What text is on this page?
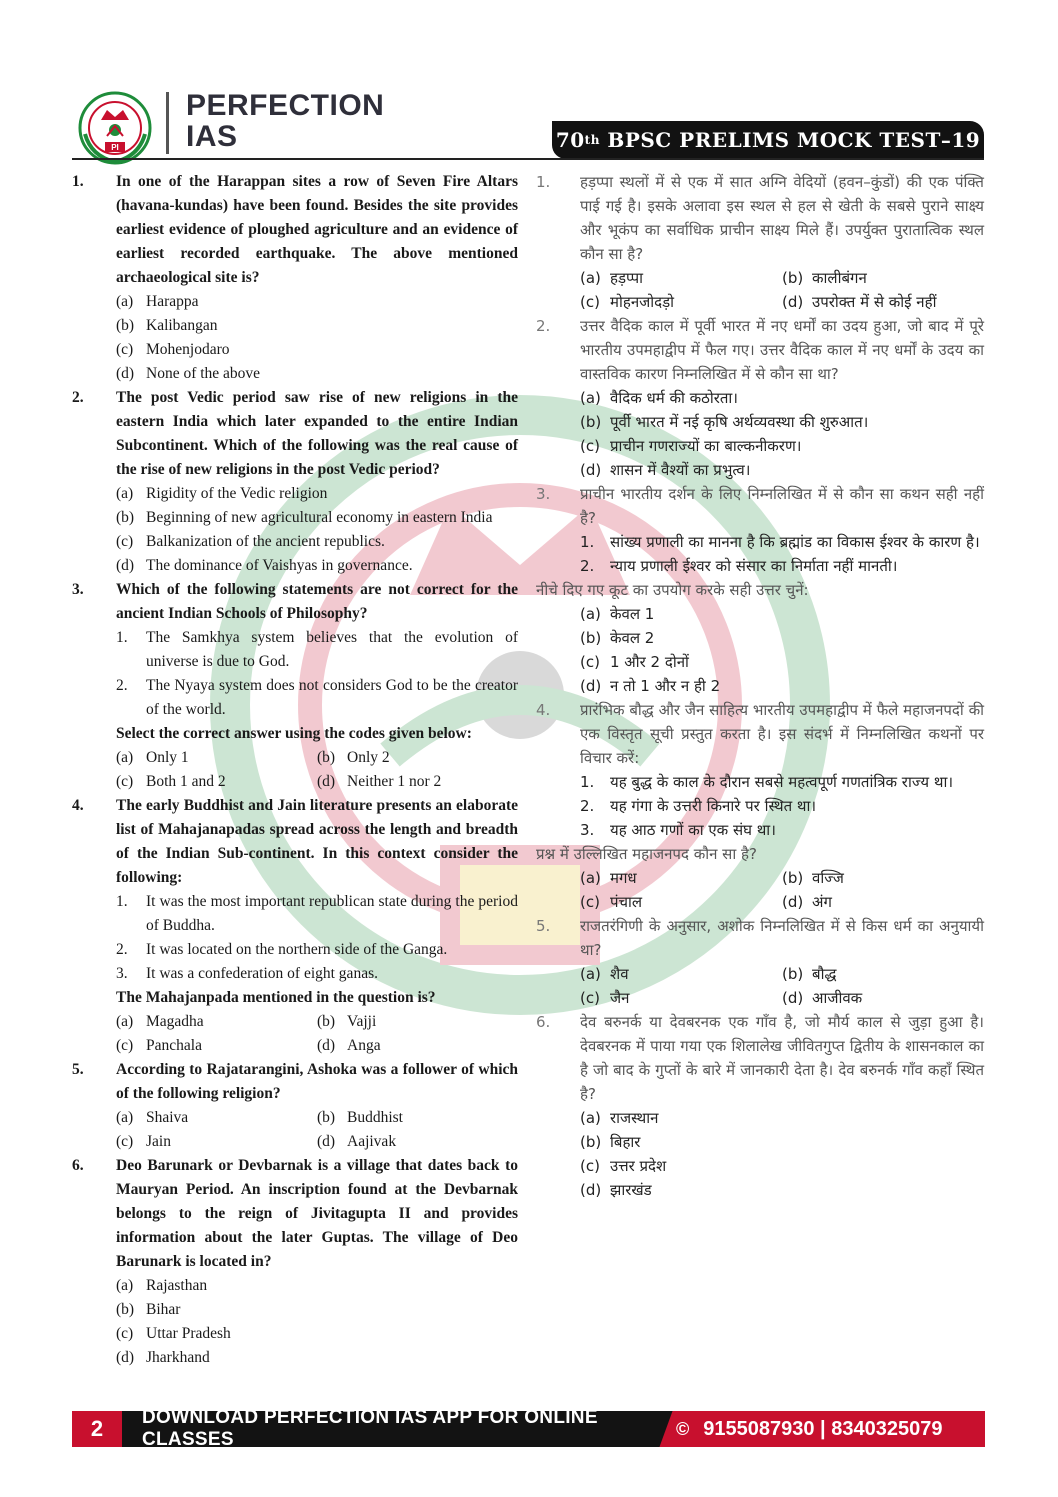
PI
PERFECTION
IAS	70 th BPSC PRELIMS MOCK TEST–19
1.	In one of the Harappan sites a row of Seven Fire Altars (havana-kundas) have been found. Besides the site provides earliest evidence of ploughed agriculture and an evidence of earliest recorded earthquake. The above mentioned archaeological site is?
(a) Harappa
(b) Kalibangan
(c) Mohenjodaro
(d) None of the above
2.	The post Vedic period saw rise of new religions in the eastern India which later expanded to the entire Indian Subcontinent. Which of the following was the real cause of the rise of new religions in the post Vedic period?
(a) Rigidity of the Vedic religion
(b) Beginning of new agricultural economy in eastern India
(c) Balkanization of the ancient republics.
(d) The dominance of Vaishyas in governance.
3.	Which of the following statements are not correct for the ancient Indian Schools of Philosophy?
1.	The Samkhya system believes that the evolution of universe is due to God.
2.	The Nyaya system does not considers God to be the creator of the world.
Select the correct answer using the codes given below:
(a) Only 1	(b) Only 2
(c) Both 1 and 2	(d) Neither 1 nor 2
4.	The early Buddhist and Jain literature presents an elaborate list of Mahajanapadas spread across the length and breadth of the Indian Sub-continent. In this context consider the following:
1.	It was the most important republican state during the period of Buddha.
2.	It was located on the northern side of the Ganga.
3.	It was a confederation of eight ganas.
The Mahajanpada mentioned in the question is?
(a) Magadha	(b) Vajji
(c) Panchala	(d) Anga
5.	According to Rajatarangini, Ashoka was a follower of which of the following religion?
(a) Shaiva	(b) Buddhist
(c) Jain	(d) Aajivak
6.	Deo Barunark or Devbarnak is a village that dates back to Mauryan Period. An inscription found at the Devbarnak belongs to the reign of Jivitagupta II and provides information about the later Guptas. The village of Deo Barunark is located in?
(a) Rajasthan
(b) Bihar
(c) Uttar Pradesh
(d) Jharkhand
1.	हड़प्पा स्थलों में से एक में सात अग्नि वेदियों (हवन–कुंडों) की एक पंक्ति पाई गई है। इसके अलावा इस स्थल से हल से खेती के सबसे पुराने साक्ष्य और भूकंप का सर्वाधिक प्राचीन साक्ष्य मिले हैं। उपर्युक्त पुरातात्विक स्थल कौन सा है?
(a) हड़प्पा	(b) कालीबंगन
(c) मोहनजोदड़ो	(d) उपरोक्त में से कोई नहीं
2.	उत्तर वैदिक काल में पूर्वी भारत में नए धर्मों का उदय हुआ, जो बाद में पूरे भारतीय उपमहाद्वीप में फैल गए। उत्तर वैदिक काल में नए धर्मों के उदय का वास्तविक कारण निम्नलिखित में से कौन सा था?
(a) वैदिक धर्म की कठोरता।
(b) पूर्वी भारत में नई कृषि अर्थव्यवस्था की शुरुआत।
(c) प्राचीन गणराज्यों का बाल्कनीकरण।
(d) शासन में वैश्यों का प्रभुत्व।
3.	प्राचीन भारतीय दर्शन के लिए निम्नलिखित में से कौन सा कथन सही नहीं है?
1.	सांख्य प्रणाली का मानना है कि ब्रह्मांड का विकास ईश्वर के कारण है।
2.	न्याय प्रणाली ईश्वर को संसार का निर्माता नहीं मानती।
नीचे दिए गए कूट का उपयोग करके सही उत्तर चुनें:
(a) केवल 1
(b) केवल 2
(c) 1 और 2 दोनों
(d) न तो 1 और न ही 2
4.	प्रारंभिक बौद्ध और जैन साहित्य भारतीय उपमहाद्वीप में फैले महाजनपदों की एक विस्तृत सूची प्रस्तुत करता है। इस संदर्भ में निम्नलिखित कथनों पर विचार करें:
1.	यह बुद्ध के काल के दौरान सबसे महत्वपूर्ण गणतांत्रिक राज्य था।
2.	यह गंगा के उत्तरी किनारे पर स्थित था।
3.	यह आठ गणों का एक संघ था।
प्रश्न में उल्लिखित महाजनपद कौन सा है?
(a) मगध	(b) वज्जि
(c) पंचाल	(d) अंग
5.	राजतरंगिणी के अनुसार, अशोक निम्नलिखित में से किस धर्म का अनुयायी था?
(a) शैव	(b) बौद्ध
(c) जैन	(d) आजीवक
6.	देव बरुनर्क या देवबरनक एक गाँव है, जो मौर्य काल से जुड़ा हुआ है। देवबरनक में पाया गया एक शिलालेख जीवितगुप्त द्वितीय के शासनकाल का है जो बाद के गुप्तों के बारे में जानकारी देता है। देव बरुनर्क गाँव कहाँ स्थित है?
(a) राजस्थान
(b) बिहार
(c) उत्तर प्रदेश
(d) झारखंड
2	DOWNLOAD PERFECTION IAS APP FOR ONLINE CLASSES
© 9155087930 | 8340325079
